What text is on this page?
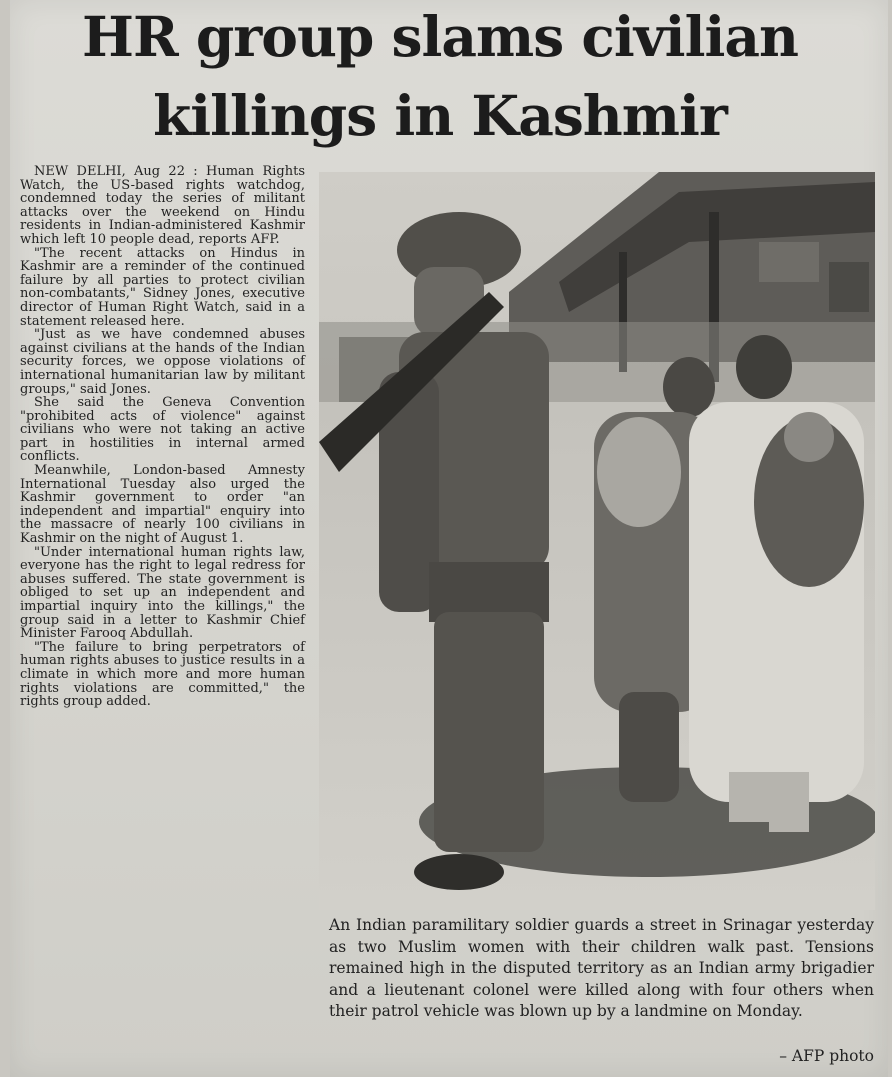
HR group slams civilian
killings in Kashmir

NEW DELHI, Aug 22 : Human Rights Watch, the US-based rights watchdog, condemned today the series of militant attacks over the weekend on Hindu residents in Indian-administered Kashmir which left 10 people dead, reports AFP.

"The recent attacks on Hindus in Kashmir are a reminder of the continued failure by all parties to protect civilian non-combatants," Sidney Jones, executive director of Human Right Watch, said in a statement released here.

"Just as we have condemned abuses against civilians at the hands of the Indian security forces, we oppose violations of international humanitarian law by militant groups," said Jones.

She said the Geneva Convention "prohibited acts of violence" against civilians who were not taking an active part in hostilities in internal armed conflicts.

Meanwhile, London-based Amnesty International Tuesday also urged the Kashmir government to order "an independent and impartial" enquiry into the massacre of nearly 100 civilians in Kashmir on the night of August 1.

"Under international human rights law, everyone has the right to legal redress for abuses suffered. The state government is obliged to set up an independent and impartial inquiry into the killings," the group said in a letter to Kashmir Chief Minister Farooq Abdullah.

"The failure to bring perpetrators of human rights abuses to justice results in a climate in which more and more human rights violations are committed," the rights group added.

An Indian paramilitary soldier guards a street in Srinagar yesterday as two Muslim women with their children walk past. Tensions remained high in the disputed territory as an Indian army brigadier and a lieutenant colonel were killed along with four others when their patrol vehicle was blown up by a landmine on Monday.
– AFP photo
